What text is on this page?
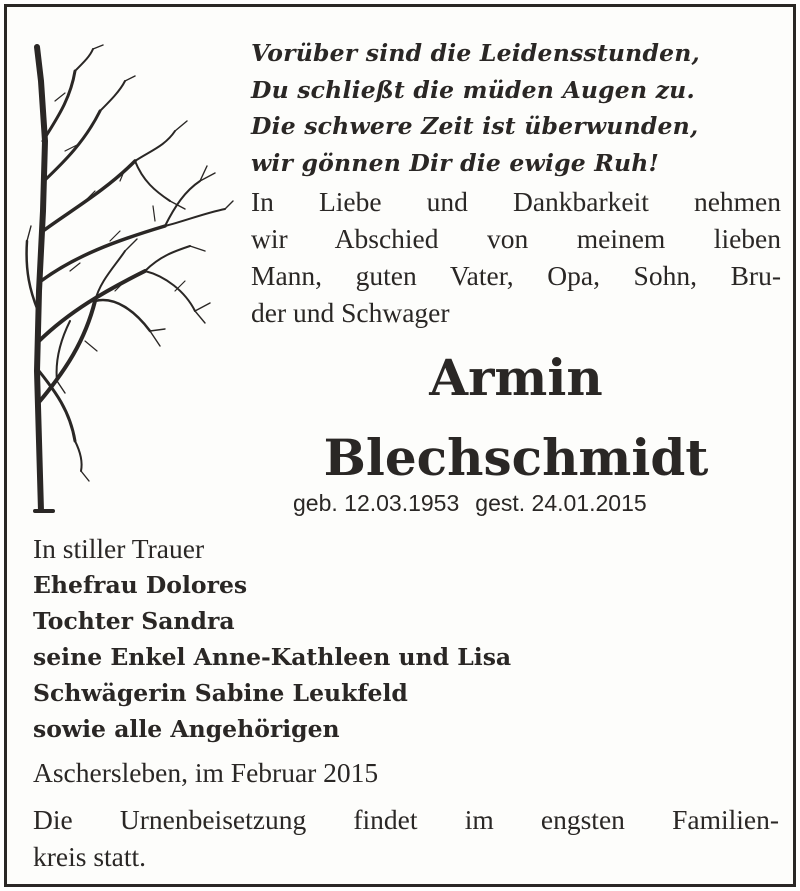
Vorüber sind die Leidensstunden,
Du schließt die müden Augen zu.
Die schwere Zeit ist überwunden,
wir gönnen Dir die ewige Ruh!
In Liebe und Dankbarkeit nehmen
wir Abschied von meinem lieben
Mann, guten Vater, Opa, Sohn, Bru-
der und Schwager
Armin
Blechschmidt
geb. 12.03.1953 gest. 24.01.2015
In stiller Trauer
Ehefrau Dolores
Tochter Sandra
seine Enkel Anne-Kathleen und Lisa
Schwägerin Sabine Leukfeld
sowie alle Angehörigen
Aschersleben, im Februar 2015
Die Urnenbeisetzung findet im engsten Familien-
kreis statt.
